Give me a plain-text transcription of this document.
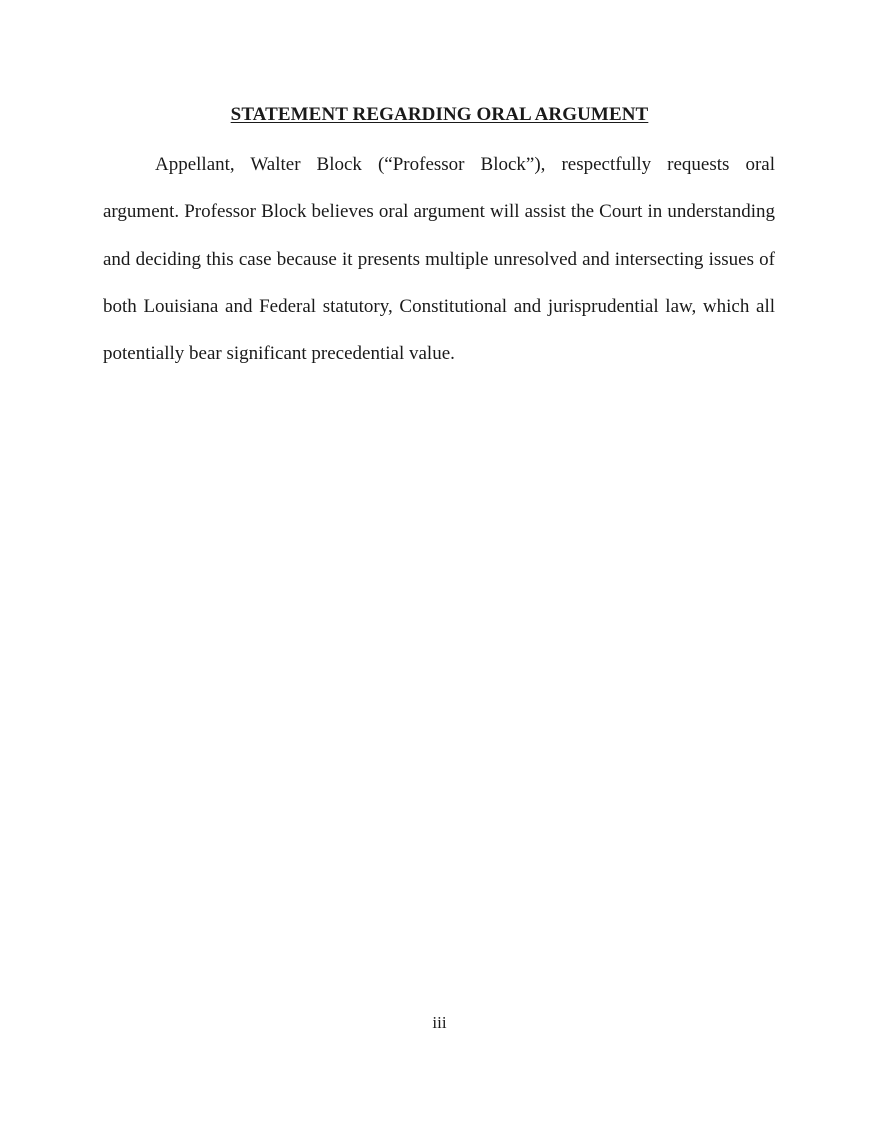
STATEMENT REGARDING ORAL ARGUMENT

Appellant, Walter Block (“Professor Block”), respectfully requests oral argument. Professor Block believes oral argument will assist the Court in understanding and deciding this case because it presents multiple unresolved and intersecting issues of both Louisiana and Federal statutory, Constitutional and jurisprudential law, which all potentially bear significant precedential value.

iii
